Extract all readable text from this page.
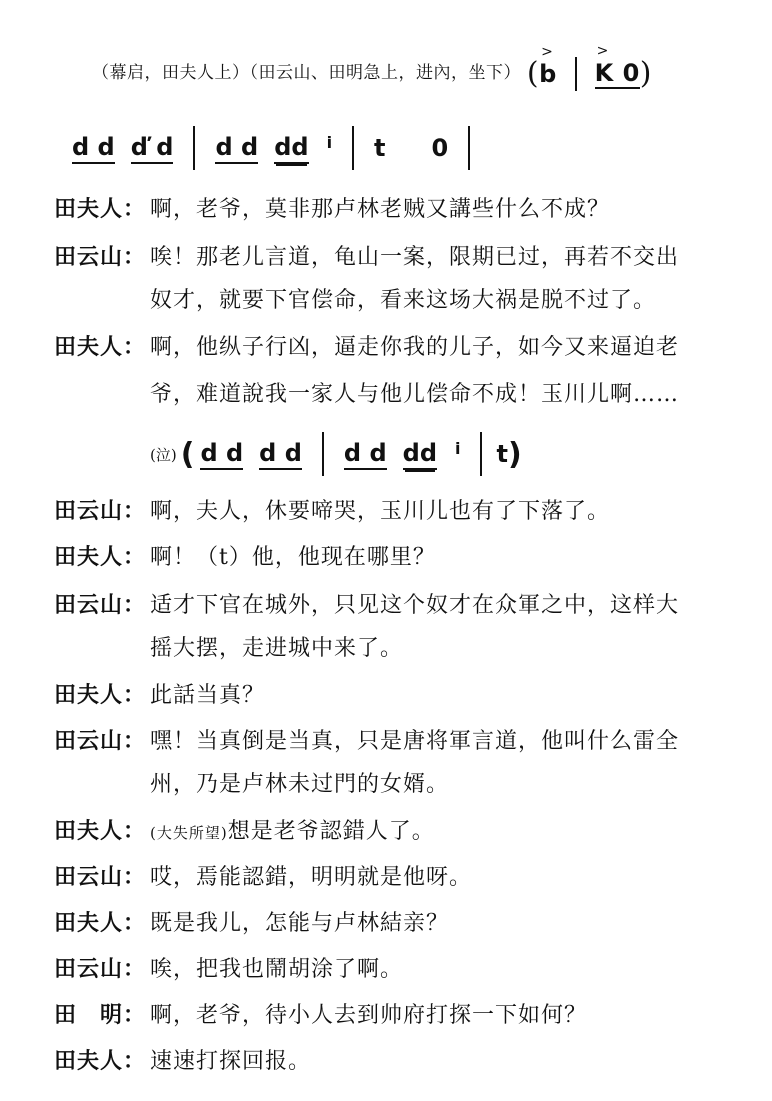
（幕启，田夫人上）（田云山、田明急上，进內，坐下） (
>
b
>
K 0)
d d ď d d d dd i t 0
田夫人： 啊，老爷，莫非那卢林老贼又講些什么不成？
田云山： 唉！那老儿言道，龟山一案，限期已过，再若不交出
奴才，就要下官偿命，看来这场大祸是脱不过了。
田夫人： 啊，他纵子行凶，逼走你我的儿子，如今又来逼迫老
爷，难道說我一家人与他儿偿命不成！玉川儿啊……
(泣) ( d d d d d d dd i t )
田云山： 啊，夫人，休要啼哭，玉川儿也有了下落了。
田夫人： 啊！（t）他，他现在哪里？
田云山： 适才下官在城外，只见这个奴才在众軍之中，这样大
摇大摆，走进城中来了。
田夫人： 此話当真？
田云山： 嘿！当真倒是当真，只是唐将軍言道，他叫什么雷全
州，乃是卢林未过門的女婿。
田夫人： (大失所望)想是老爷認錯人了。
田云山： 哎，焉能認錯，明明就是他呀。
田夫人： 既是我儿，怎能与卢林結亲？
田云山： 唉，把我也鬧胡涂了啊。
田　明： 啊，老爷，待小人去到帅府打探一下如何？
田夫人： 速速打探回报。
